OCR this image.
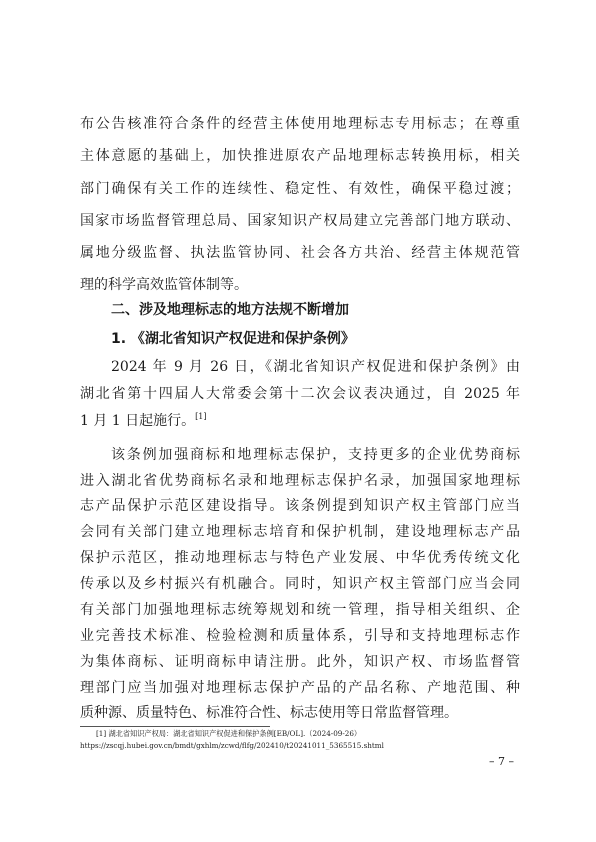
布公告核准符合条件的经营主体使用地理标志专用标志；在尊重
主体意愿的基础上，加快推进原农产品地理标志转换用标，相关
部门确保有关工作的连续性、稳定性、有效性，确保平稳过渡；
国家市场监督管理总局、国家知识产权局建立完善部门地方联动、
属地分级监督、执法监管协同、社会各方共治、经营主体规范管
理的科学高效监管体制等。
二、涉及地理标志的地方法规不断增加
1. 《湖北省知识产权促进和保护条例》
2024 年 9 月 26 日，《湖北省知识产权促进和保护条例》由
湖北省第十四届人大常委会第十二次会议表决通过，自 2025 年
1 月 1 日起施行。[1]
该条例加强商标和地理标志保护，支持更多的企业优势商标
进入湖北省优势商标名录和地理标志保护名录，加强国家地理标
志产品保护示范区建设指导。该条例提到知识产权主管部门应当
会同有关部门建立地理标志培育和保护机制，建设地理标志产品
保护示范区，推动地理标志与特色产业发展、中华优秀传统文化
传承以及乡村振兴有机融合。同时，知识产权主管部门应当会同
有关部门加强地理标志统筹规划和统一管理，指导相关组织、企
业完善技术标准、检验检测和质量体系，引导和支持地理标志作
为集体商标、证明商标申请注册。此外，知识产权、市场监督管
理部门应当加强对地理标志保护产品的产品名称、产地范围、种
质种源、质量特色、标准符合性、标志使用等日常监督管理。
[1] 湖北省知识产权局：湖北省知识产权促进和保护条例[EB/OL].（2024-09-26）
https://zscqj.hubei.gov.cn/bmdt/gxhlm/zcwd/flfg/202410/t20241011_5365515.shtml
– 7 –
